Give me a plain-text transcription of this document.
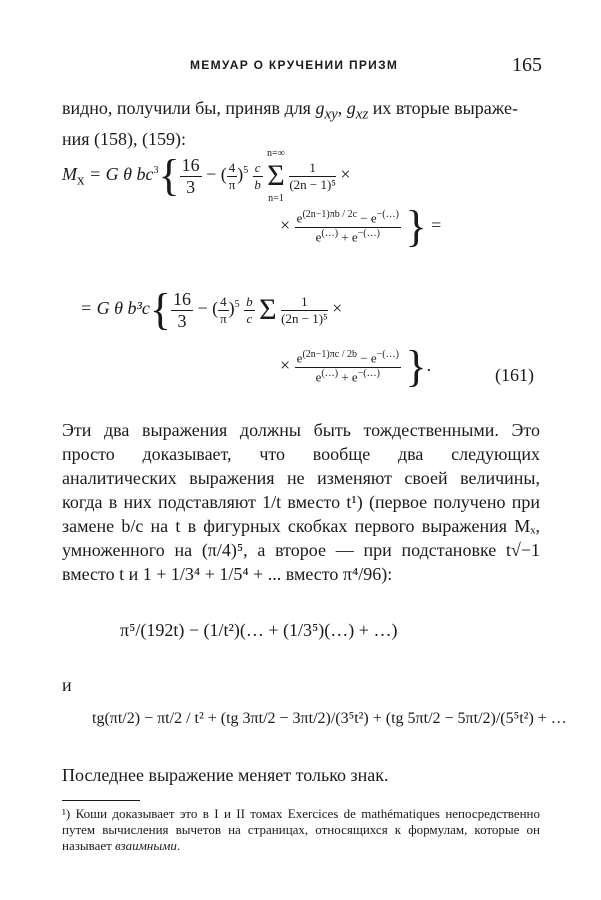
МЕМУАР О КРУЧЕНИИ ПРИЗМ	165
видно, получили бы, приняв для $g_{xy}$, $g_{xz}$ их вторые выраже-
ния (158), (159):
$M_x = G$ θ $bc^3\{ \frac{16}{3}$ − ( $\frac{4}{\pi} )^5 \frac{c}{b}$

n=∞
Σ
n=1

$\frac{1}{\text{(2n − 1)⁵}}$ ×
× $\frac{e^{(2n-1)\pi b / 2c} - e^{-(\dots)}}{e^{(\dots)} + e^{-(\dots)}}$ } =
= G θ $b^3c\{ \frac{16}{3}$ − ( $\frac{4}{\pi} )^5 \frac{b}{c}$ Σ $\frac{1}{\text{(2n − 1)⁵}}$ ×
× $\frac{e^{(2n-1)\pi c / 2b} - e^{-(\dots)}}{e^{(\dots)} + e^{-(\dots)}}$ }.	(161)
Эти два выражения должны быть тождественными. Это просто доказывает, что вообще два следующих аналитических выражения не изменяют своей величины, когда в них подставляют 1/t вместо t¹) (первое получено при замене b/c на t в фигурных скобках первого выражения Mₓ, умноженного на (π/4)⁵, а второе — при подстановке t√−1 вместо t и 1 + 1/3⁴ + 1/5⁴ + ... вместо π⁴/96):
π⁵/(192t) − (1/t²)(… + (1/3⁵)(…) + …)
и
tg(πt/2) − πt/2 / t² + (tg 3πt/2 − 3πt/2)/(3⁵t²) + (tg 5πt/2 − 5πt/2)/(5⁵t²) + …
Последнее выражение меняет только знак.
¹) Коши доказывает это в I и II томах Exercices de mathématiques непосредственно путем вычисления вычетов на страницах, относящихся к формулам, которые он называет взаимными.
